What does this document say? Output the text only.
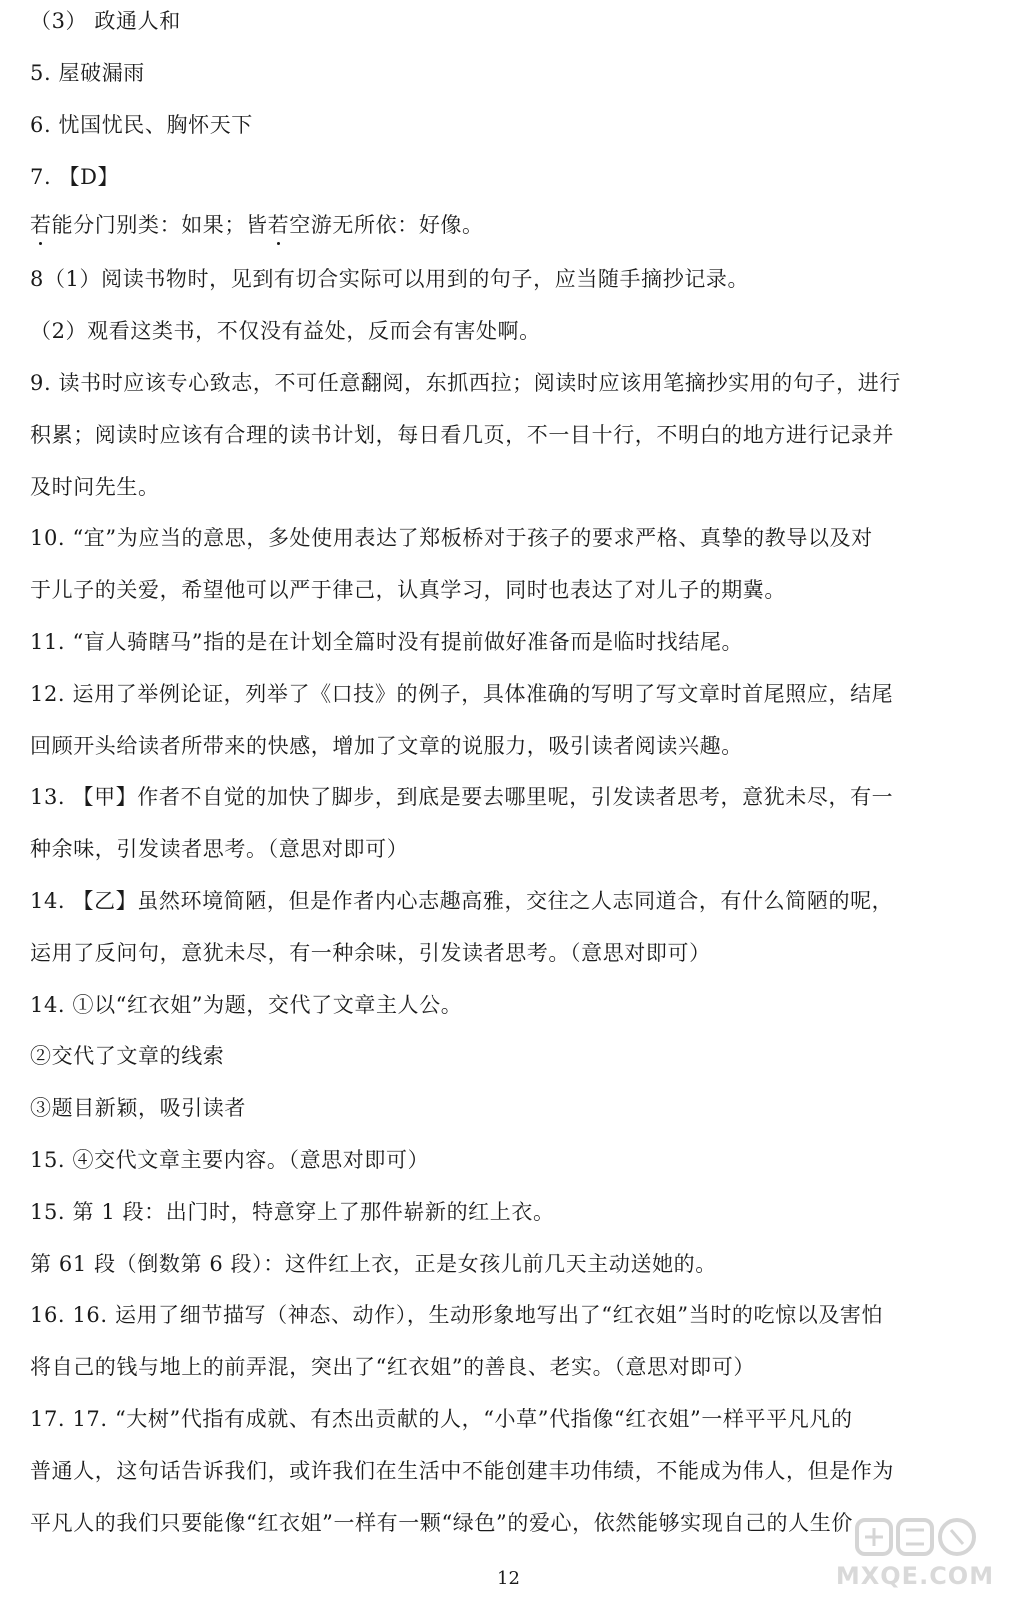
（3） 政通人和
5. 屋破漏雨
6. 忧国忧民、胸怀天下
7. 【D】
若能分门别类：如果；皆若空游无所依：好像。
8（1）阅读书物时，见到有切合实际可以用到的句子，应当随手摘抄记录。
（2）观看这类书，不仅没有益处，反而会有害处啊。
9. 读书时应该专心致志，不可任意翻阅，东抓西拉；阅读时应该用笔摘抄实用的句子，进行
积累；阅读时应该有合理的读书计划，每日看几页，不一目十行，不明白的地方进行记录并
及时问先生。
10. “宜”为应当的意思，多处使用表达了郑板桥对于孩子的要求严格、真挚的教导以及对
于儿子的关爱，希望他可以严于律己，认真学习，同时也表达了对儿子的期冀。
11. “盲人骑瞎马”指的是在计划全篇时没有提前做好准备而是临时找结尾。
12. 运用了举例论证，列举了《口技》的例子，具体准确的写明了写文章时首尾照应，结尾
回顾开头给读者所带来的快感，增加了文章的说服力，吸引读者阅读兴趣。
13. 【甲】作者不自觉的加快了脚步，到底是要去哪里呢，引发读者思考，意犹未尽，有一
种余味，引发读者思考。（意思对即可）
14. 【乙】虽然环境简陋，但是作者内心志趣高雅，交往之人志同道合，有什么简陋的呢，
运用了反问句，意犹未尽，有一种余味，引发读者思考。（意思对即可）
14. ①以“红衣姐”为题，交代了文章主人公。
②交代了文章的线索
③题目新颖，吸引读者
15. ④交代文章主要内容。（意思对即可）
15. 第 1 段：出门时，特意穿上了那件崭新的红上衣。
第 61 段（倒数第 6 段）：这件红上衣，正是女孩儿前几天主动送她的。
16. 16. 运用了细节描写（神态、动作），生动形象地写出了“红衣姐”当时的吃惊以及害怕
将自己的钱与地上的前弄混，突出了“红衣姐”的善良、老实。（意思对即可）
17. 17. “大树”代指有成就、有杰出贡献的人，“小草”代指像“红衣姐”一样平平凡凡的
普通人，这句话告诉我们，或许我们在生活中不能创建丰功伟绩，不能成为伟人，但是作为
平凡人的我们只要能像“红衣姐”一样有一颗“绿色”的爱心，依然能够实现自己的人生价
MXQE.COM
12
